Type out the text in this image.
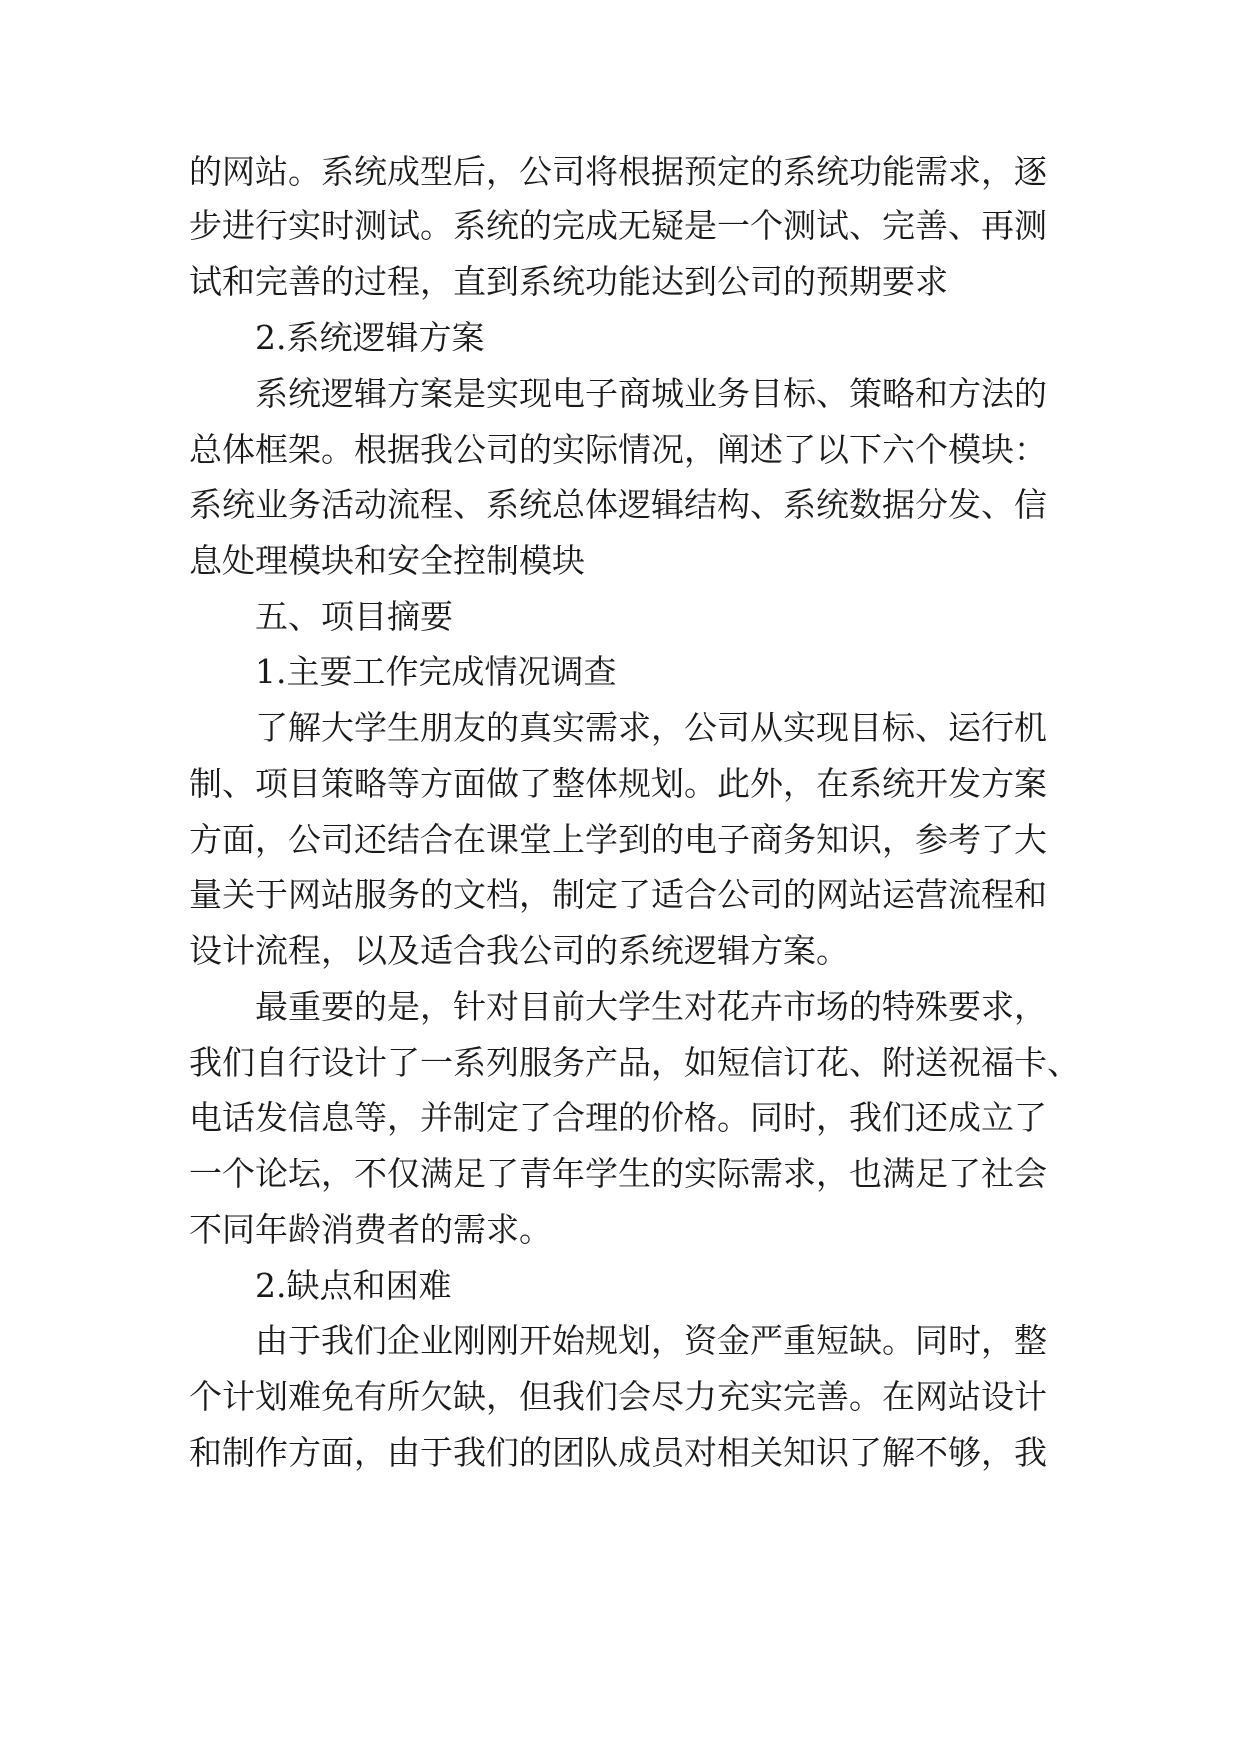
的网站。系统成型后，公司将根据预定的系统功能需求，逐

步进行实时测试。系统的完成无疑是一个测试、完善、再测

试和完善的过程，直到系统功能达到公司的预期要求

2.系统逻辑方案

系统逻辑方案是实现电子商城业务目标、策略和方法的

总体框架。根据我公司的实际情况，阐述了以下六个模块：

系统业务活动流程、系统总体逻辑结构、系统数据分发、信

息处理模块和安全控制模块

五、项目摘要

1.主要工作完成情况调查

了解大学生朋友的真实需求，公司从实现目标、运行机

制、项目策略等方面做了整体规划。此外，在系统开发方案

方面，公司还结合在课堂上学到的电子商务知识，参考了大

量关于网站服务的文档，制定了适合公司的网站运营流程和

设计流程，以及适合我公司的系统逻辑方案。

最重要的是，针对目前大学生对花卉市场的特殊要求，

我们自行设计了一系列服务产品，如短信订花、附送祝福卡、

电话发信息等，并制定了合理的价格。同时，我们还成立了

一个论坛，不仅满足了青年学生的实际需求，也满足了社会

不同年龄消费者的需求。

2.缺点和困难

由于我们企业刚刚开始规划，资金严重短缺。同时，整

个计划难免有所欠缺，但我们会尽力充实完善。在网站设计

和制作方面，由于我们的团队成员对相关知识了解不够，我
